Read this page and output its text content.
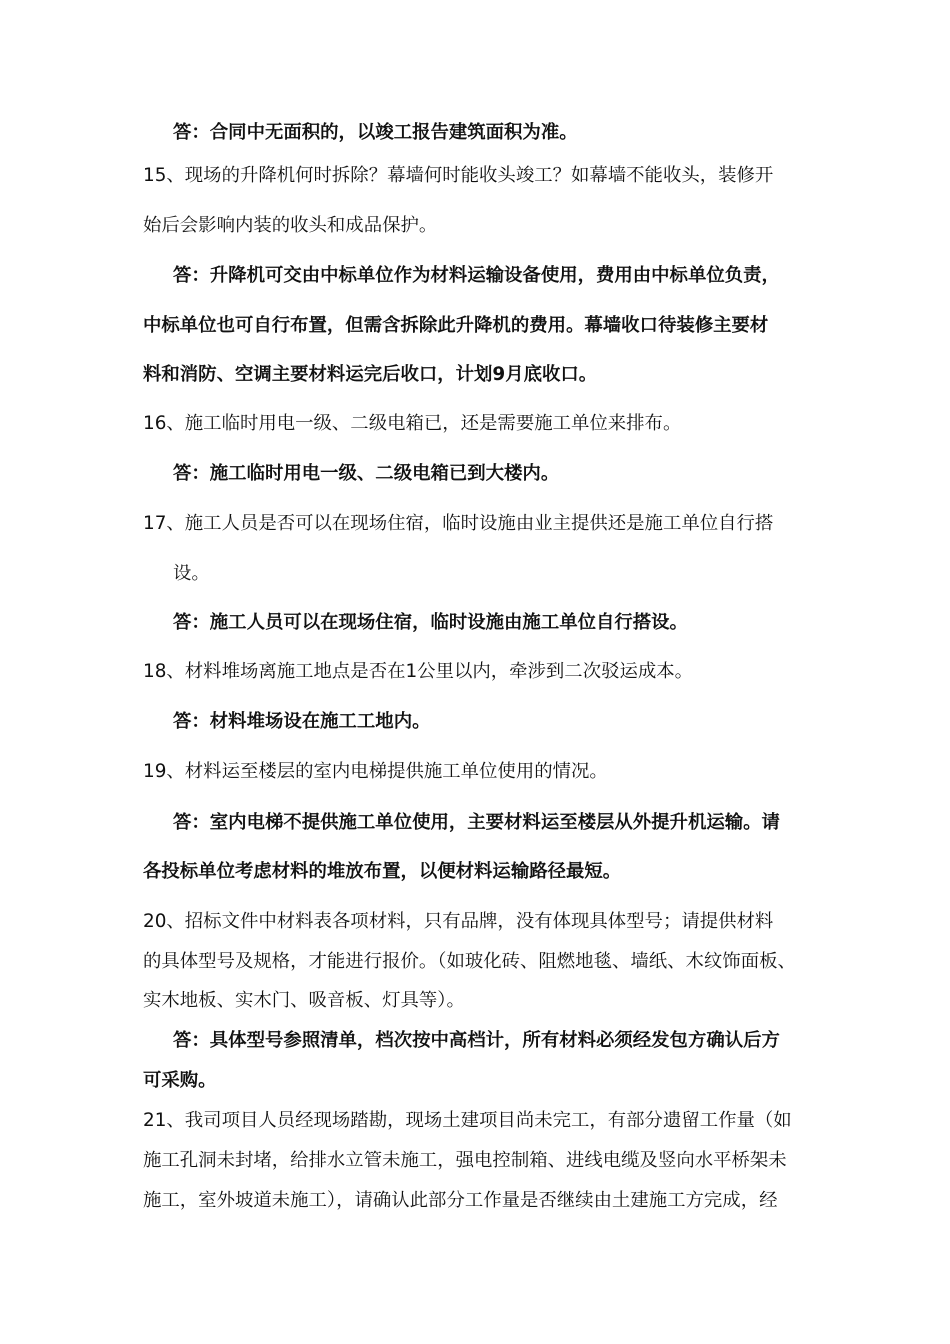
答：合同中无面积的，以竣工报告建筑面积为准。
15、现场的升降机何时拆除？幕墙何时能收头竣工？如幕墙不能收头，装修开
始后会影响内装的收头和成品保护。
答：升降机可交由中标单位作为材料运输设备使用，费用由中标单位负责，
中标单位也可自行布置，但需含拆除此升降机的费用。幕墙收口待装修主要材
料和消防、空调主要材料运完后收口，计划9月底收口。
16、施工临时用电一级、二级电箱已，还是需要施工单位来排布。
答：施工临时用电一级、二级电箱已到大楼内。
17、施工人员是否可以在现场住宿，临时设施由业主提供还是施工单位自行搭
设。
答：施工人员可以在现场住宿，临时设施由施工单位自行搭设。
18、材料堆场离施工地点是否在1公里以内，牵涉到二次驳运成本。
答：材料堆场设在施工工地内。
19、材料运至楼层的室内电梯提供施工单位使用的情况。
答：室内电梯不提供施工单位使用，主要材料运至楼层从外提升机运输。请
各投标单位考虑材料的堆放布置，以便材料运输路径最短。
20、招标文件中材料表各项材料，只有品牌，没有体现具体型号；请提供材料
的具体型号及规格，才能进行报价。（如玻化砖、阻燃地毯、墙纸、木纹饰面板、
实木地板、实木门、吸音板、灯具等）。
答：具体型号参照清单，档次按中高档计，所有材料必须经发包方确认后方
可采购。
21、我司项目人员经现场踏勘，现场土建项目尚未完工，有部分遗留工作量（如
施工孔洞未封堵，给排水立管未施工，强电控制箱、进线电缆及竖向水平桥架未
施工，室外坡道未施工），请确认此部分工作量是否继续由土建施工方完成，经
